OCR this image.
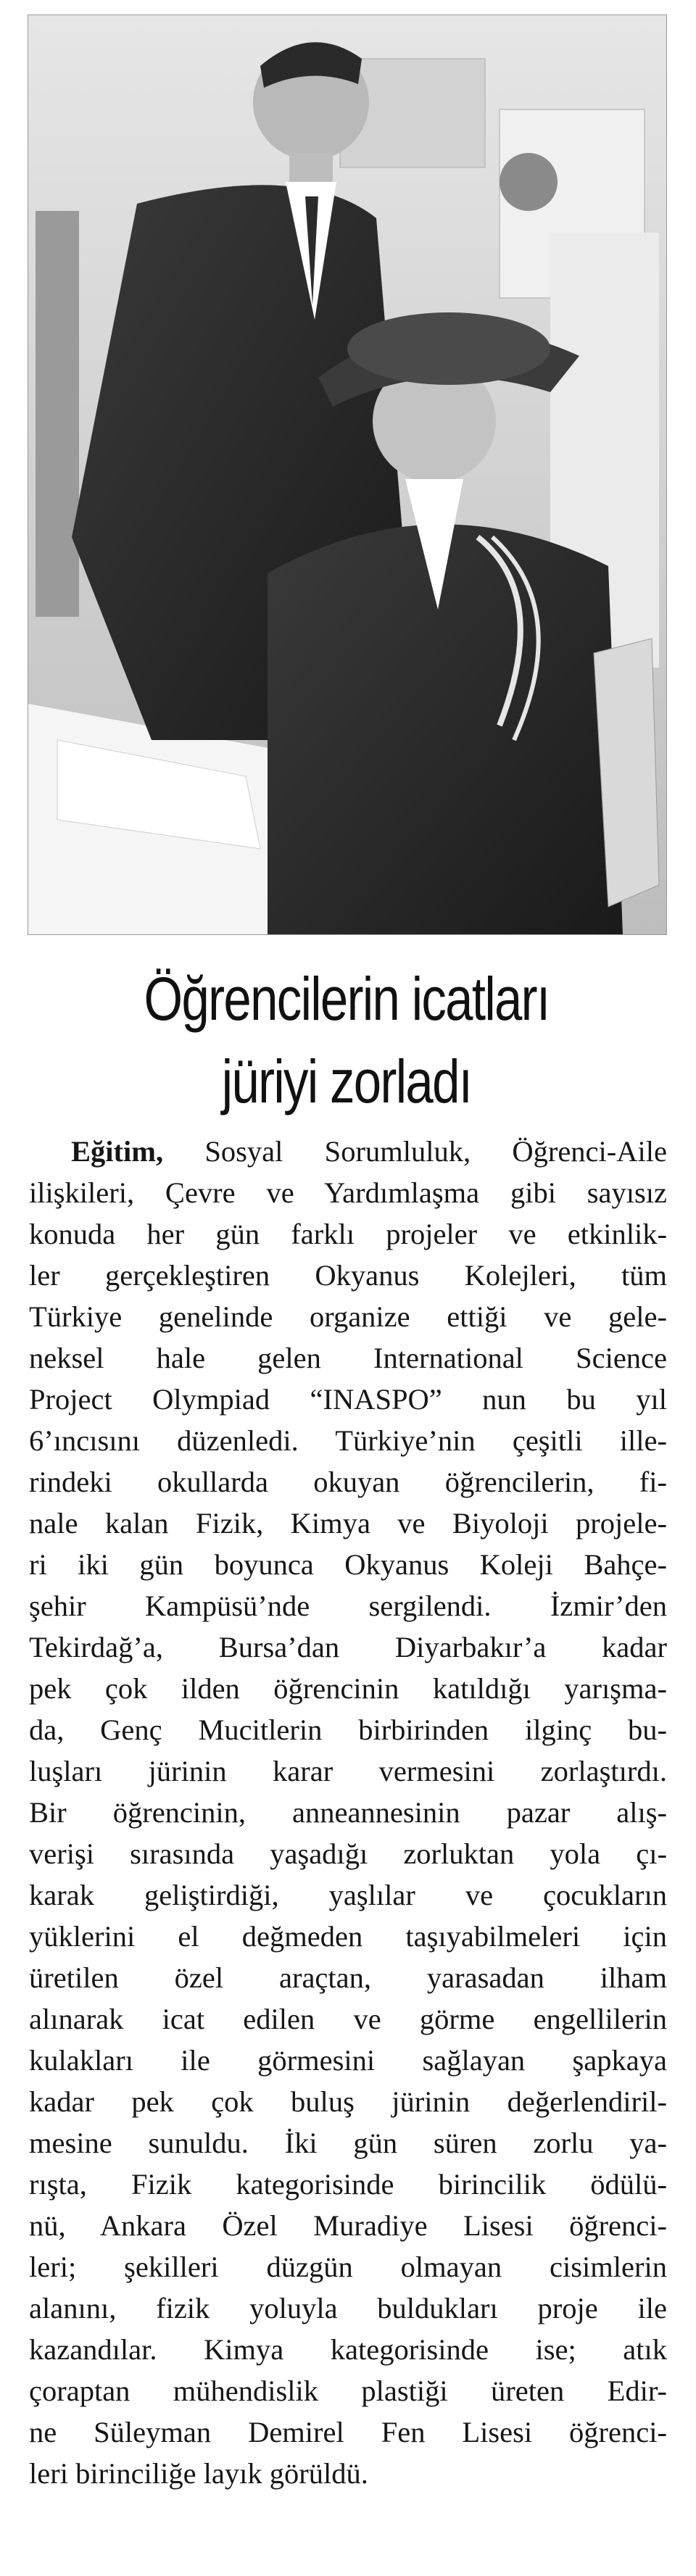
Öğrencilerin icatları
jüriyi zorladı
Eğitim, Sosyal Sorumluluk, Öğrenci-Aile
ilişkileri, Çevre ve Yardımlaşma gibi sayısız
konuda her gün farklı projeler ve etkinlik-
ler gerçekleştiren Okyanus Kolejleri, tüm
Türkiye genelinde organize ettiği ve gele-
neksel hale gelen International Science
Project Olympiad “INASPO” nun bu yıl
6’ıncısını düzenledi. Türkiye’nin çeşitli ille-
rindeki okullarda okuyan öğrencilerin, fi-
nale kalan Fizik, Kimya ve Biyoloji projele-
ri iki gün boyunca Okyanus Koleji Bahçe-
şehir Kampüsü’nde sergilendi. İzmir’den
Tekirdağ’a, Bursa’dan Diyarbakır’a kadar
pek çok ilden öğrencinin katıldığı yarışma-
da, Genç Mucitlerin birbirinden ilginç bu-
luşları jürinin karar vermesini zorlaştırdı.
Bir öğrencinin, anneannesinin pazar alış-
verişi sırasında yaşadığı zorluktan yola çı-
karak geliştirdiği, yaşlılar ve çocukların
yüklerini el değmeden taşıyabilmeleri için
üretilen özel araçtan, yarasadan ilham
alınarak icat edilen ve görme engellilerin
kulakları ile görmesini sağlayan şapkaya
kadar pek çok buluş jürinin değerlendiril-
mesine sunuldu. İki gün süren zorlu ya-
rışta, Fizik kategorisinde birincilik ödülü-
nü, Ankara Özel Muradiye Lisesi öğrenci-
leri; şekilleri düzgün olmayan cisimlerin
alanını, fizik yoluyla buldukları proje ile
kazandılar. Kimya kategorisinde ise; atık
çoraptan mühendislik plastiği üreten Edir-
ne Süleyman Demirel Fen Lisesi öğrenci-
leri birinciliğe layık görüldü.
